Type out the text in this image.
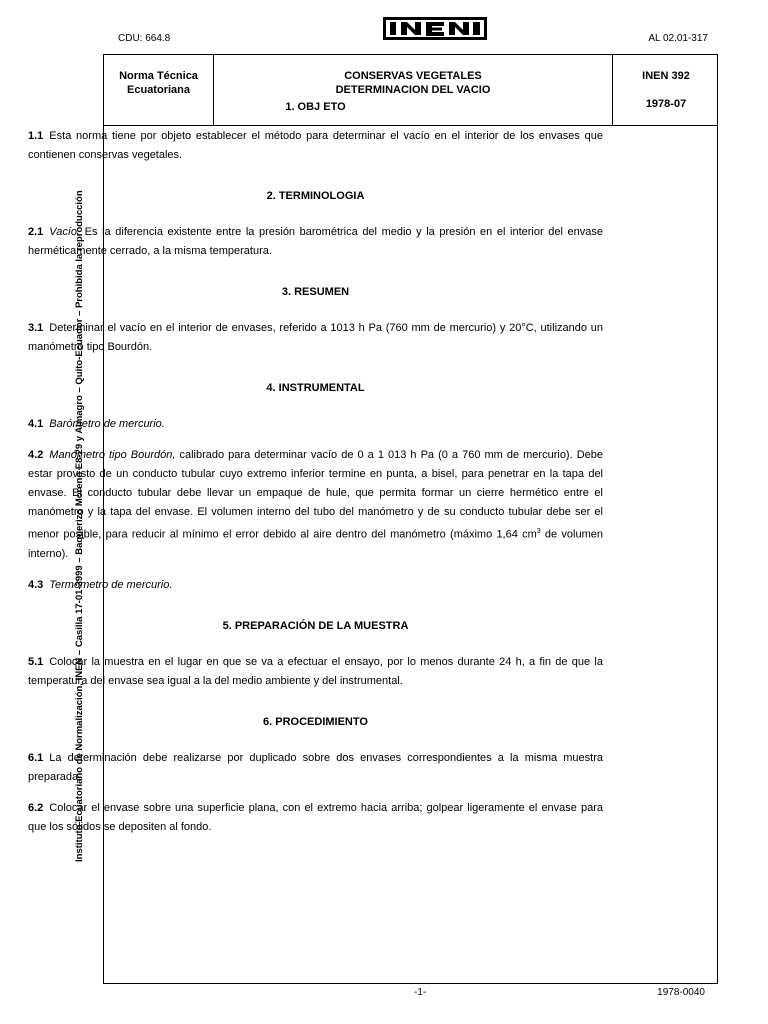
CDU: 664.8	AL 02.01-317
Instituto Ecuatoriano de Normalización, INEN – Casilla 17-01-3999 – Baquerizo Moreno E8-29 y Almagro – Quito-Ecuador – Prohibida la reproducción
Norma Técnica
Ecuatoriana
CONSERVAS VEGETALES
DETERMINACION DEL VACIO
INEN 392
1978-07
1. OBJ ETO

1.1 Esta norma tiene por objeto establecer el método para determinar el vacío en el interior de los envases que contienen conservas vegetales.

2. TERMINOLOGIA

2.1 Vacío. Es la diferencia existente entre la presión barométrica del medio y la presión en el interior del envase herméticamente cerrado, a la misma temperatura.

3. RESUMEN

3.1 Determinar el vacío en el interior de envases, referido a 1013 h Pa (760 mm de mercurio) y 20°C, utilizando un manómetro tipo Bourdón.

4. INSTRUMENTAL

4.1 Barómetro de mercurio.

4.2 Manómetro tipo Bourdón, calibrado para determinar vacío de 0 a 1 013 h Pa (0 a 760 mm de mercurio). Debe estar provisto de un conducto tubular cuyo extremo inferior termine en punta, a bisel, para penetrar en la tapa del envase. El conducto tubular debe llevar un empaque de hule, que permita formar un cierre hermético entre el manómetro y la tapa del envase. El volumen interno del tubo del manómetro y de su conducto tubular debe ser el menor posible, para reducir al mínimo el error debido al aire dentro del manómetro (máximo 1,64 $cm^3$ de volumen interno).

4.3 Termómetro de mercurio.

5. PREPARACIÓN DE LA MUESTRA

5.1 Colocar la muestra en el lugar en que se va a efectuar el ensayo, por lo menos durante 24 h, a fin de que la temperatura del envase sea igual a la del medio ambiente y del instrumental.

6. PROCEDIMIENTO

6.1 La determinación debe realizarse por duplicado sobre dos envases correspondientes a la misma muestra preparada.

6.2 Colocar el envase sobre una superficie plana, con el extremo hacia arriba; golpear ligeramente el envase para que los sólidos se depositen al fondo.

-1-	1978-0040
